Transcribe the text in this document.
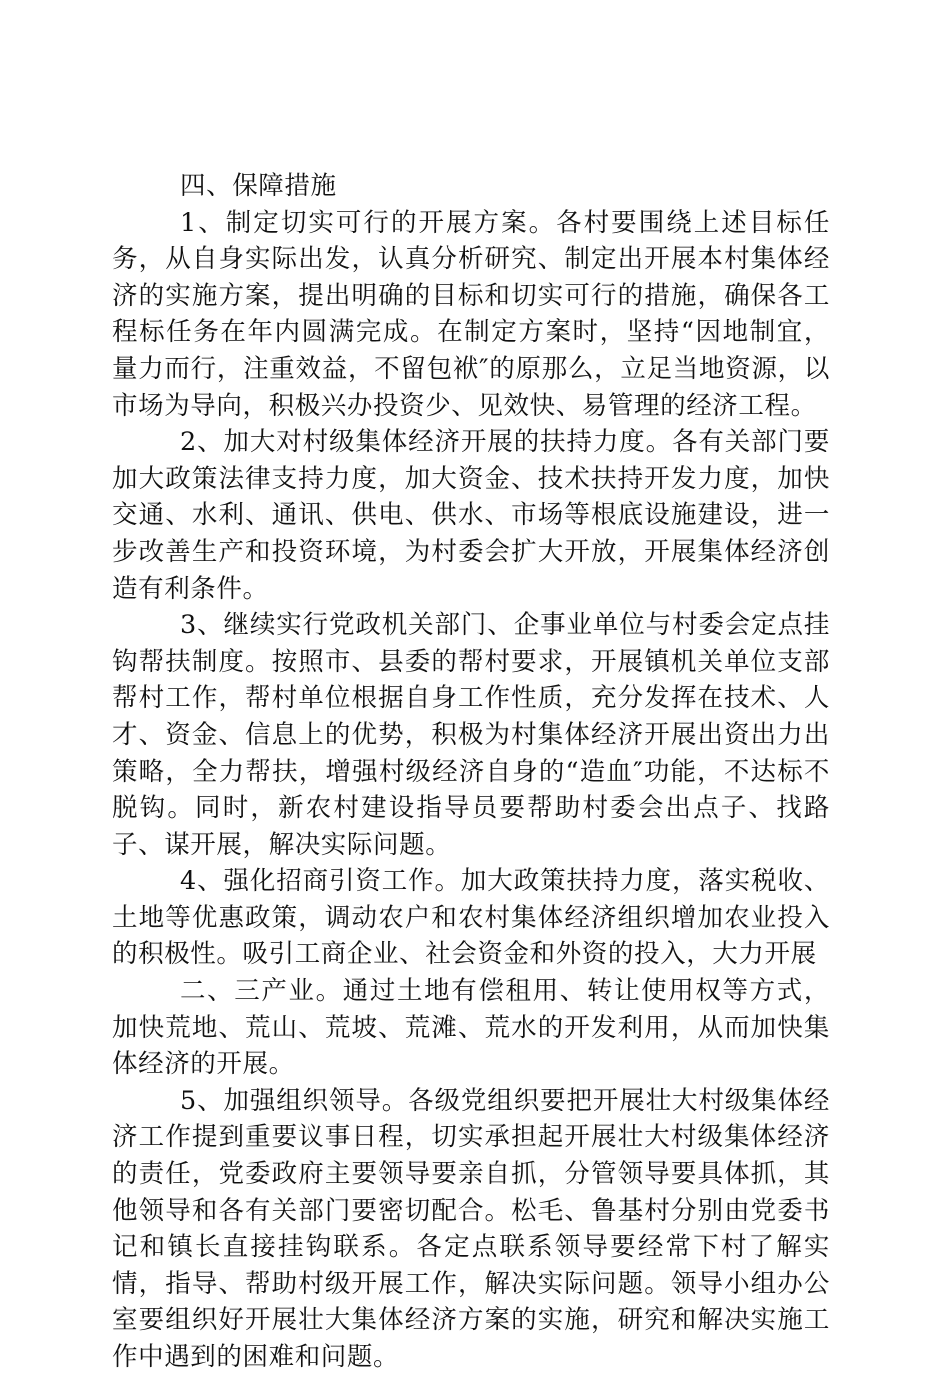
四、保障措施

1、制定切实可行的开展方案。各村要围绕上述目标任务，从自身实际出发，认真分析研究、制定出开展本村集体经济的实施方案，提出明确的目标和切实可行的措施，确保各工程标任务在年内圆满完成。在制定方案时，坚持“因地制宜，量力而行，注重效益，不留包袱″的原那么，立足当地资源，以市场为导向，积极兴办投资少、见效快、易管理的经济工程。

2、加大对村级集体经济开展的扶持力度。各有关部门要加大政策法律支持力度，加大资金、技术扶持开发力度，加快交通、水利、通讯、供电、供水、市场等根底设施建设，进一步改善生产和投资环境，为村委会扩大开放，开展集体经济创造有利条件。

3、继续实行党政机关部门、企事业单位与村委会定点挂钩帮扶制度。按照市、县委的帮村要求，开展镇机关单位支部帮村工作，帮村单位根据自身工作性质，充分发挥在技术、人才、资金、信息上的优势，积极为村集体经济开展出资出力出策略，全力帮扶，增强村级经济自身的“造血″功能，不达标不脱钩。同时，新农村建设指导员要帮助村委会出点子、找路子、谋开展，解决实际问题。

4、强化招商引资工作。加大政策扶持力度，落实税收、土地等优惠政策，调动农户和农村集体经济组织增加农业投入的积极性。吸引工商企业、社会资金和外资的投入，大力开展

二、三产业。通过土地有偿租用、转让使用权等方式，加快荒地、荒山、荒坡、荒滩、荒水的开发利用，从而加快集体经济的开展。

5、加强组织领导。各级党组织要把开展壮大村级集体经济工作提到重要议事日程，切实承担起开展壮大村级集体经济的责任，党委政府主要领导要亲自抓，分管领导要具体抓，其他领导和各有关部门要密切配合。松毛、鲁基村分别由党委书记和镇长直接挂钩联系。各定点联系领导要经常下村了解实情，指导、帮助村级开展工作，解决实际问题。领导小组办公室要组织好开展壮大集体经济方案的实施，研究和解决实施工作中遇到的困难和问题。
